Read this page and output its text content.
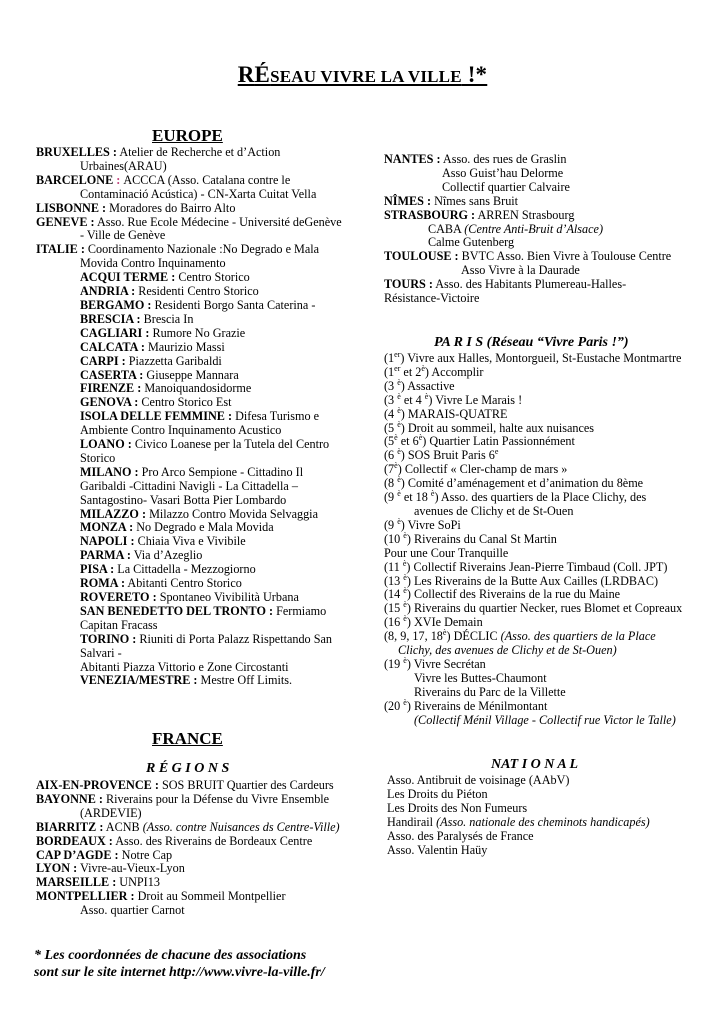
RÉSEAU VIVRE LA VILLE !*
EUROPE
BRUXELLES : Atelier de Recherche et d’Action
Urbaines(ARAU)
BARCELONE : ACCCA (Asso. Catalana contre le
Contaminació Acústica) - CN-Xarta Cuitat Vella
LISBONNE : Moradores do Bairro Alto
GENEVE : Asso. Rue Ecole Médecine - Université deGenève
- Ville de Genève
ITALIE : Coordinamento Nazionale :No Degrado e Mala
Movida Contro Inquinamento
ACQUI TERME : Centro Storico
ANDRIA : Residenti Centro Storico
BERGAMO : Residenti Borgo Santa Caterina -
BRESCIA : Brescia In
CAGLIARI : Rumore No Grazie
CALCATA : Maurizio Massi
CARPI : Piazzetta Garibaldi
CASERTA : Giuseppe Mannara
FIRENZE : Manoiquandosidorme
GENOVA : Centro Storico Est
ISOLA DELLE FEMMINE : Difesa Turismo e
Ambiente Contro Inquinamento Acustico
LOANO : Civico Loanese per la Tutela del Centro
Storico
MILANO : Pro Arco Sempione - Cittadino Il
Garibaldi -Cittadini Navigli - La Cittadella –
Santagostino- Vasari Botta Pier Lombardo
MILAZZO : Milazzo Contro Movida Selvaggia
MONZA : No Degrado e Mala Movida
NAPOLI : Chiaia Viva e Vivibile
PARMA : Via d’Azeglio
PISA : La Cittadella - Mezzogiorno
ROMA : Abitanti Centro Storico
ROVERETO : Spontaneo Vivibilità Urbana
SAN BENEDETTO DEL TRONTO : Fermiamo
Capitan Fracass
TORINO : Riuniti di Porta Palazz Rispettando San
Salvari -
Abitanti Piazza Vittorio e Zone Circostanti
VENEZIA/MESTRE : Mestre Off Limits.
FRANCE
R É G I O N S
AIX-EN-PROVENCE : SOS BRUIT Quartier des Cardeurs
BAYONNE : Riverains pour la Défense du Vivre Ensemble
(ARDEVIE)
BIARRITZ : ACNB (Asso. contre Nuisances ds Centre-Ville)
BORDEAUX : Asso. des Riverains de Bordeaux Centre
CAP D’AGDE : Notre Cap
LYON : Vivre-au-Vieux-Lyon
MARSEILLE : UNPI13
MONTPELLIER : Droit au Sommeil Montpellier
Asso. quartier Carnot
* Les coordonnées de chacune des associations
sont sur le site internet http://www.vivre-la-ville.fr/
NANTES : Asso. des rues de Graslin
Asso Guist’hau Delorme
Collectif quartier Calvaire
NÎMES : Nîmes sans Bruit
STRASBOURG : ARREN Strasbourg
CABA (Centre Anti-Bruit d’Alsace)
Calme Gutenberg
TOULOUSE : BVTC Asso. Bien Vivre à Toulouse Centre
Asso Vivre à la Daurade
TOURS : Asso. des Habitants Plumereau-Halles-
Résistance-Victoire
PA R I S (Réseau “Vivre Paris !”)
(1er) Vivre aux Halles, Montorgueil, St-Eustache Montmartre
(1er et $2^è$) Accomplir
(3 $^è$) Assactive
(3 $^è$ et 4 $^è$) Vivre Le Marais !
(4 $^è$) MARAIS-QUATRE
(5 $^è$) Droit au sommeil, halte aux nuisances
($5^è$ et $6^è$) Quartier Latin Passionnément
(6 $^è$) SOS Bruit Paris 6e
$(7^è)$ Collectif « Cler-champ de mars »
(8 $^è$) Comité d’aménagement et d’animation du 8ème
(9 $^è$ et 18 $^è$) Asso. des quartiers de la Place Clichy, des
avenues de Clichy et de St-Ouen
(9 $^è$) Vivre SoPi
(10 $^è$) Riverains du Canal St Martin
Pour une Cour Tranquille
(11 $^è$) Collectif Riverains Jean-Pierre Timbaud (Coll. JPT)
(13 $^è$) Les Riverains de la Butte Aux Cailles (LRDBAC)
(14 $^è$) Collectif des Riverains de la rue du Maine
(15 $^è$) Riverains du quartier Necker, rues Blomet et Copreaux
(16 $^è$) XVIe Demain
(8, 9, 17, $18^è$) DÉCLIC (Asso. des quartiers de la Place
Clichy, des avenues de Clichy et de St-Ouen)
(19 $^è$) Vivre Secrétan
Vivre les Buttes-Chaumont
Riverains du Parc de la Villette
(20 $^è$) Riverains de Ménilmontant
(Collectif Ménil Village - Collectif rue Victor le Talle)
NAT I O N A L
Asso. Antibruit de voisinage (AAbV)
Les Droits du Piéton
Les Droits des Non Fumeurs
Handirail (Asso. nationale des cheminots handicapés)
Asso. des Paralysés de France
Asso. Valentin Haüy
